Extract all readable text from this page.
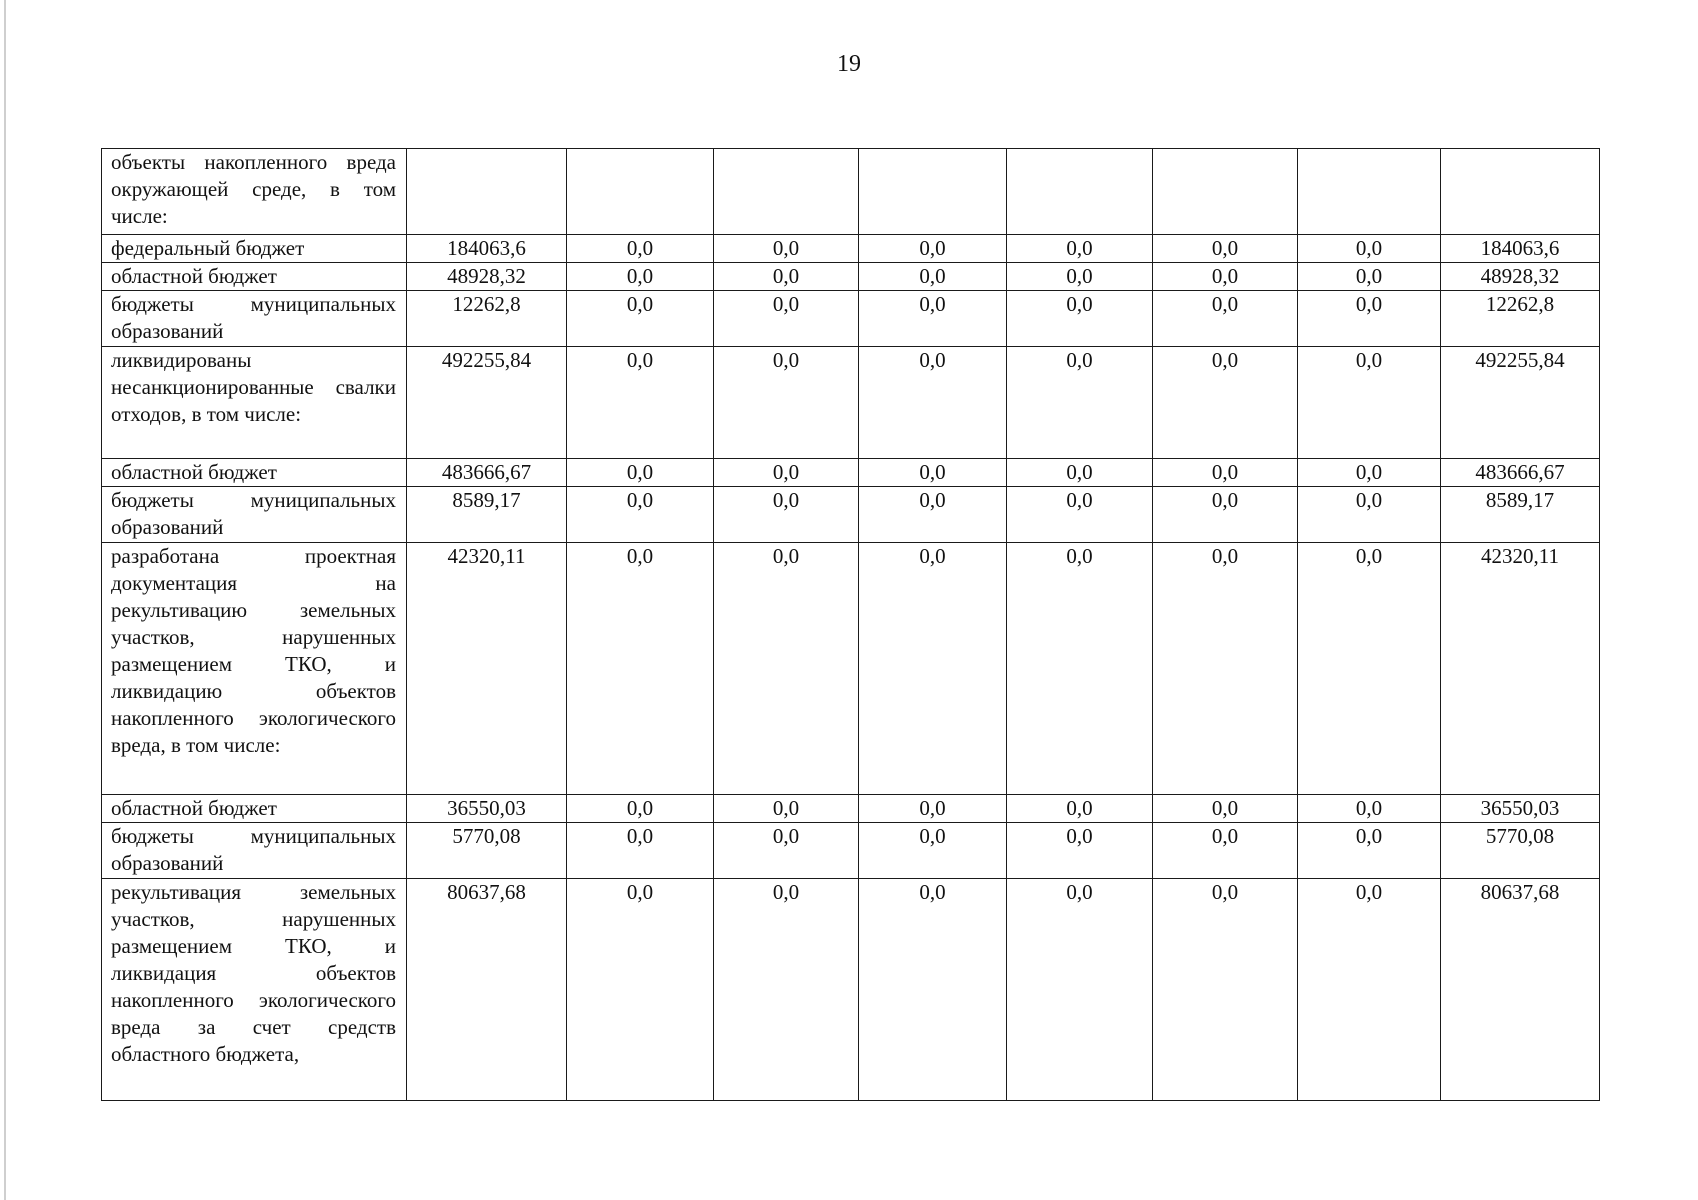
19
объекты накопленного вреда окружающей среде, в том числе:								
федеральный бюджет	184063,6	0,0	0,0	0,0	0,0	0,0	0,0	184063,6
областной бюджет	48928,32	0,0	0,0	0,0	0,0	0,0	0,0	48928,32
бюджеты муниципальных образований	12262,8	0,0	0,0	0,0	0,0	0,0	0,0	12262,8
ликвидированы несанкционированные свалки отходов, в том числе:	492255,84	0,0	0,0	0,0	0,0	0,0	0,0	492255,84
областной бюджет	483666,67	0,0	0,0	0,0	0,0	0,0	0,0	483666,67
бюджеты муниципальных образований	8589,17	0,0	0,0	0,0	0,0	0,0	0,0	8589,17
разработана проектная документация на рекультивацию земельных участков, нарушенных размещением ТКО, и ликвидацию объектов накопленного экологического вреда, в том числе:	42320,11	0,0	0,0	0,0	0,0	0,0	0,0	42320,11
областной бюджет	36550,03	0,0	0,0	0,0	0,0	0,0	0,0	36550,03
бюджеты муниципальных образований	5770,08	0,0	0,0	0,0	0,0	0,0	0,0	5770,08
рекультивация земельных участков, нарушенных размещением ТКО, и ликвидация объектов накопленного экологического вреда за счет средств областного бюджета,	80637,68	0,0	0,0	0,0	0,0	0,0	0,0	80637,68
